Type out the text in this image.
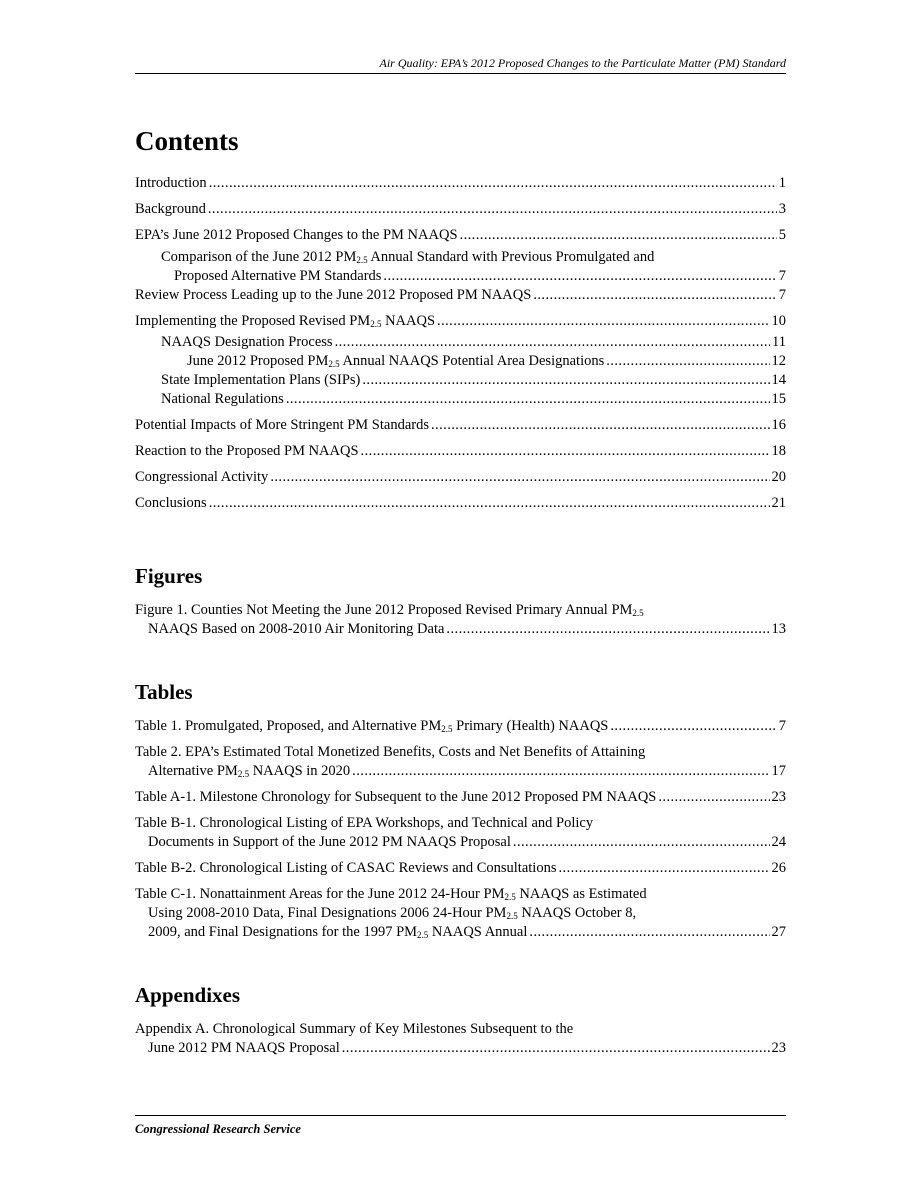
Air Quality: EPA’s 2012 Proposed Changes to the Particulate Matter (PM) Standard
Contents
Introduction . . .	1
Background . . .	3
EPA’s June 2012 Proposed Changes to the PM NAAQS . . .	5
Comparison of the June 2012 $PM_{2.5}$ Annual Standard with Previous Promulgated and
Proposed Alternative PM Standards . . .	7
Review Process Leading up to the June 2012 Proposed PM NAAQS . . .	7
Implementing the Proposed Revised $PM_{2.5}$ NAAQS . . .	10
NAAQS Designation Process . . .	11
June 2012 Proposed $PM_{2.5}$ Annual NAAQS Potential Area Designations . . .	12
State Implementation Plans (SIPs) . . .	14
National Regulations . . .	15
Potential Impacts of More Stringent PM Standards . . .	16
Reaction to the Proposed PM NAAQS . . .	18
Congressional Activity . . .	20
Conclusions . . .	21
Figures
Figure 1. Counties Not Meeting the June 2012 Proposed Revised Primary Annual $PM_{2.5}$
NAAQS Based on 2008-2010 Air Monitoring Data . . .	13
Tables
Table 1. Promulgated, Proposed, and Alternative $PM_{2.5}$ Primary (Health) NAAQS . . .	7
Table 2. EPA’s Estimated Total Monetized Benefits, Costs and Net Benefits of Attaining
Alternative $PM_{2.5}$ NAAQS in 2020 . . .	17
Table A-1. Milestone Chronology for Subsequent to the June 2012 Proposed PM NAAQS . . .	23
Table B-1. Chronological Listing of EPA Workshops, and Technical and Policy
Documents in Support of the June 2012 PM NAAQS Proposal . . .	24
Table B-2. Chronological Listing of CASAC Reviews and Consultations . . .	26
Table C-1. Nonattainment Areas for the June 2012 24-Hour $PM_{2.5}$ NAAQS as Estimated
Using 2008-2010 Data, Final Designations 2006 24-Hour $PM_{2.5}$ NAAQS October 8,
2009, and Final Designations for the 1997 $PM_{2.5}$ NAAQS Annual . . .	27
Appendixes
Appendix A. Chronological Summary of Key Milestones Subsequent to the
June 2012 PM NAAQS Proposal . . .	23
Congressional Research Service
